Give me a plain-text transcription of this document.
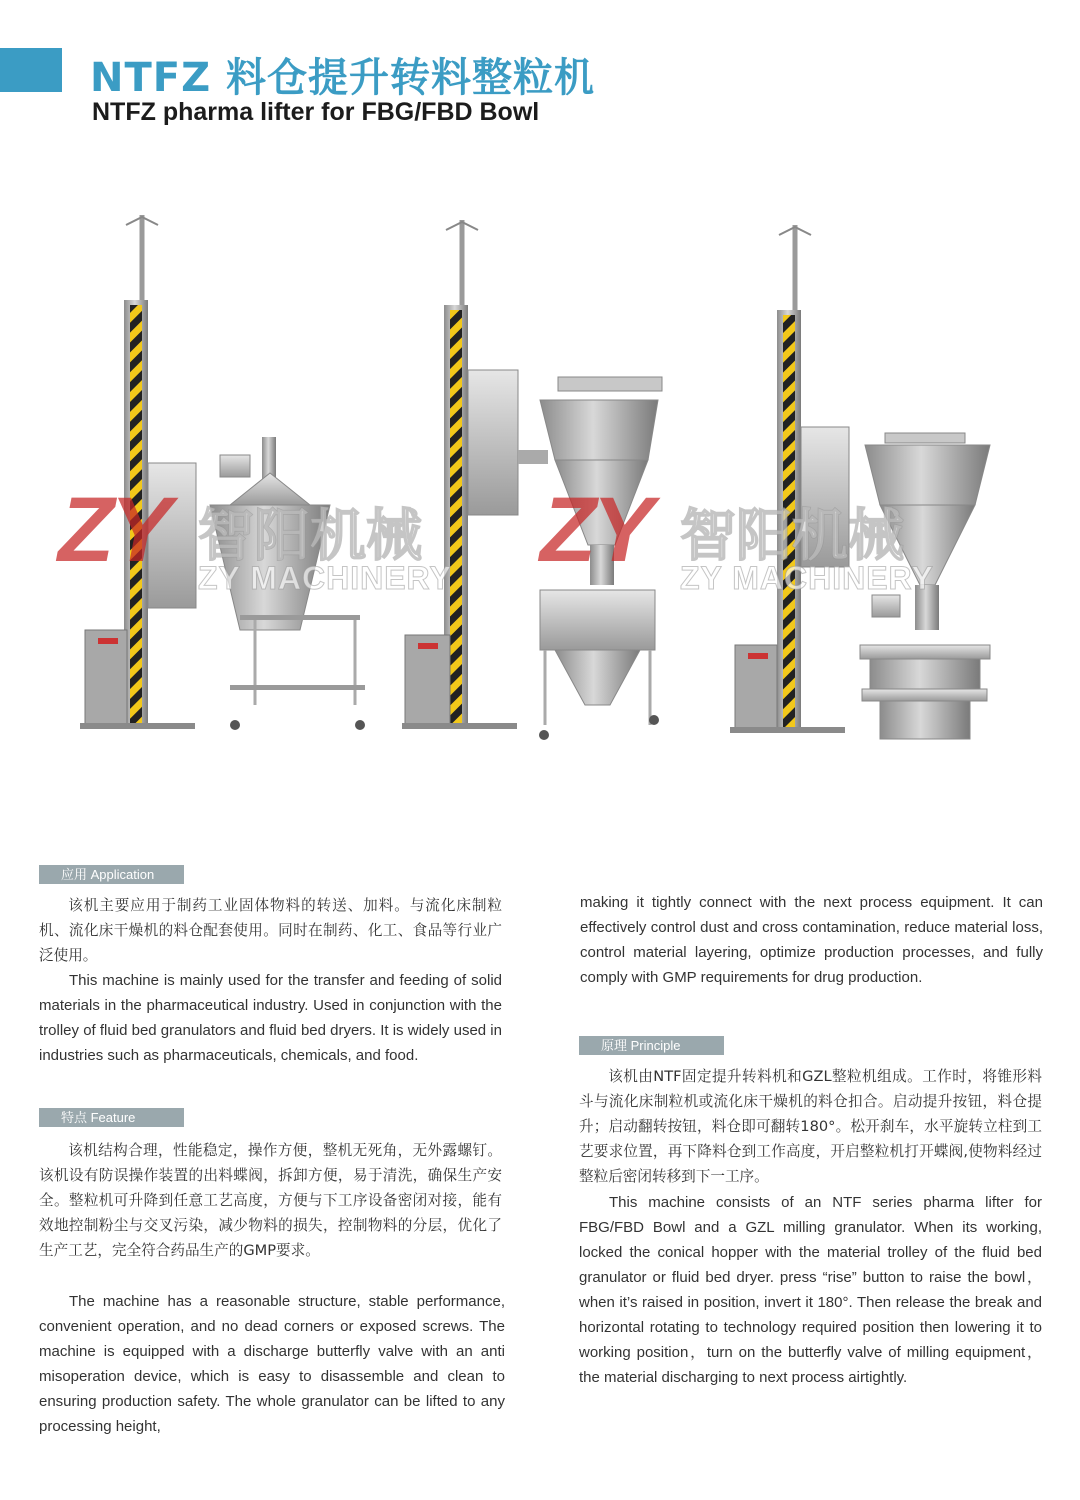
NTFZ 料仓提升转料整粒机
NTFZ pharma lifter for FBG/FBD Bowl
ZY 智阳机械
ZY MACHINERY ZY 智阳机械
ZY MACHINERY
应用 Application
该机主要应用于制药工业固体物料的转送、加料。与流化床制粒机、流化床干燥机的料仓配套使用。同时在制药、化工、食品等行业广泛使用。
This machine is mainly used for the transfer and feeding of solid materials in the pharmaceutical industry. Used in conjunction with the trolley of fluid bed granulators and fluid bed dryers. It is widely used in industries such as pharmaceuticals, chemicals, and food.
特点 Feature
该机结构合理，性能稳定，操作方便，整机无死角，无外露螺钉。该机设有防误操作装置的出料蝶阀，拆卸方便，易于清洗，确保生产安全。整粒机可升降到任意工艺高度，方便与下工序设备密闭对接，能有效地控制粉尘与交叉污染，减少物料的损失，控制物料的分层，优化了生产工艺，完全符合药品生产的GMP要求。
The machine has a reasonable structure, stable performance, convenient operation, and no dead corners or exposed screws. The machine is equipped with a discharge butterfly valve with an anti misoperation device, which is easy to disassemble and clean to ensuring production safety. The whole granulator can be lifted to any processing height,
making it tightly connect with the next process equipment. It can effectively control dust and cross contamination, reduce material loss, control material layering, optimize production processes, and fully comply with GMP requirements for drug production.
原理 Principle
该机由NTF固定提升转料机和GZL整粒机组成。工作时，将锥形料斗与流化床制粒机或流化床干燥机的料仓扣合。启动提升按钮，料仓提升；启动翻转按钮，料仓即可翻转180°。松开刹车，水平旋转立柱到工艺要求位置，再下降料仓到工作高度，开启整粒机打开蝶阀,使物料经过整粒后密闭转移到下一工序。
This machine consists of an NTF series pharma lifter for FBG/FBD Bowl and a GZL milling granulator. When its working, locked the conical hopper with the material trolley of the fluid bed granulator or fluid bed dryer. press “rise” button to raise the bowl，when it’s raised in position, invert it 180°. Then release the break and horizontal rotating to technology required position then lowering it to working position，turn on the butterfly valve of milling equipment，the material discharging to next process airtightly.
